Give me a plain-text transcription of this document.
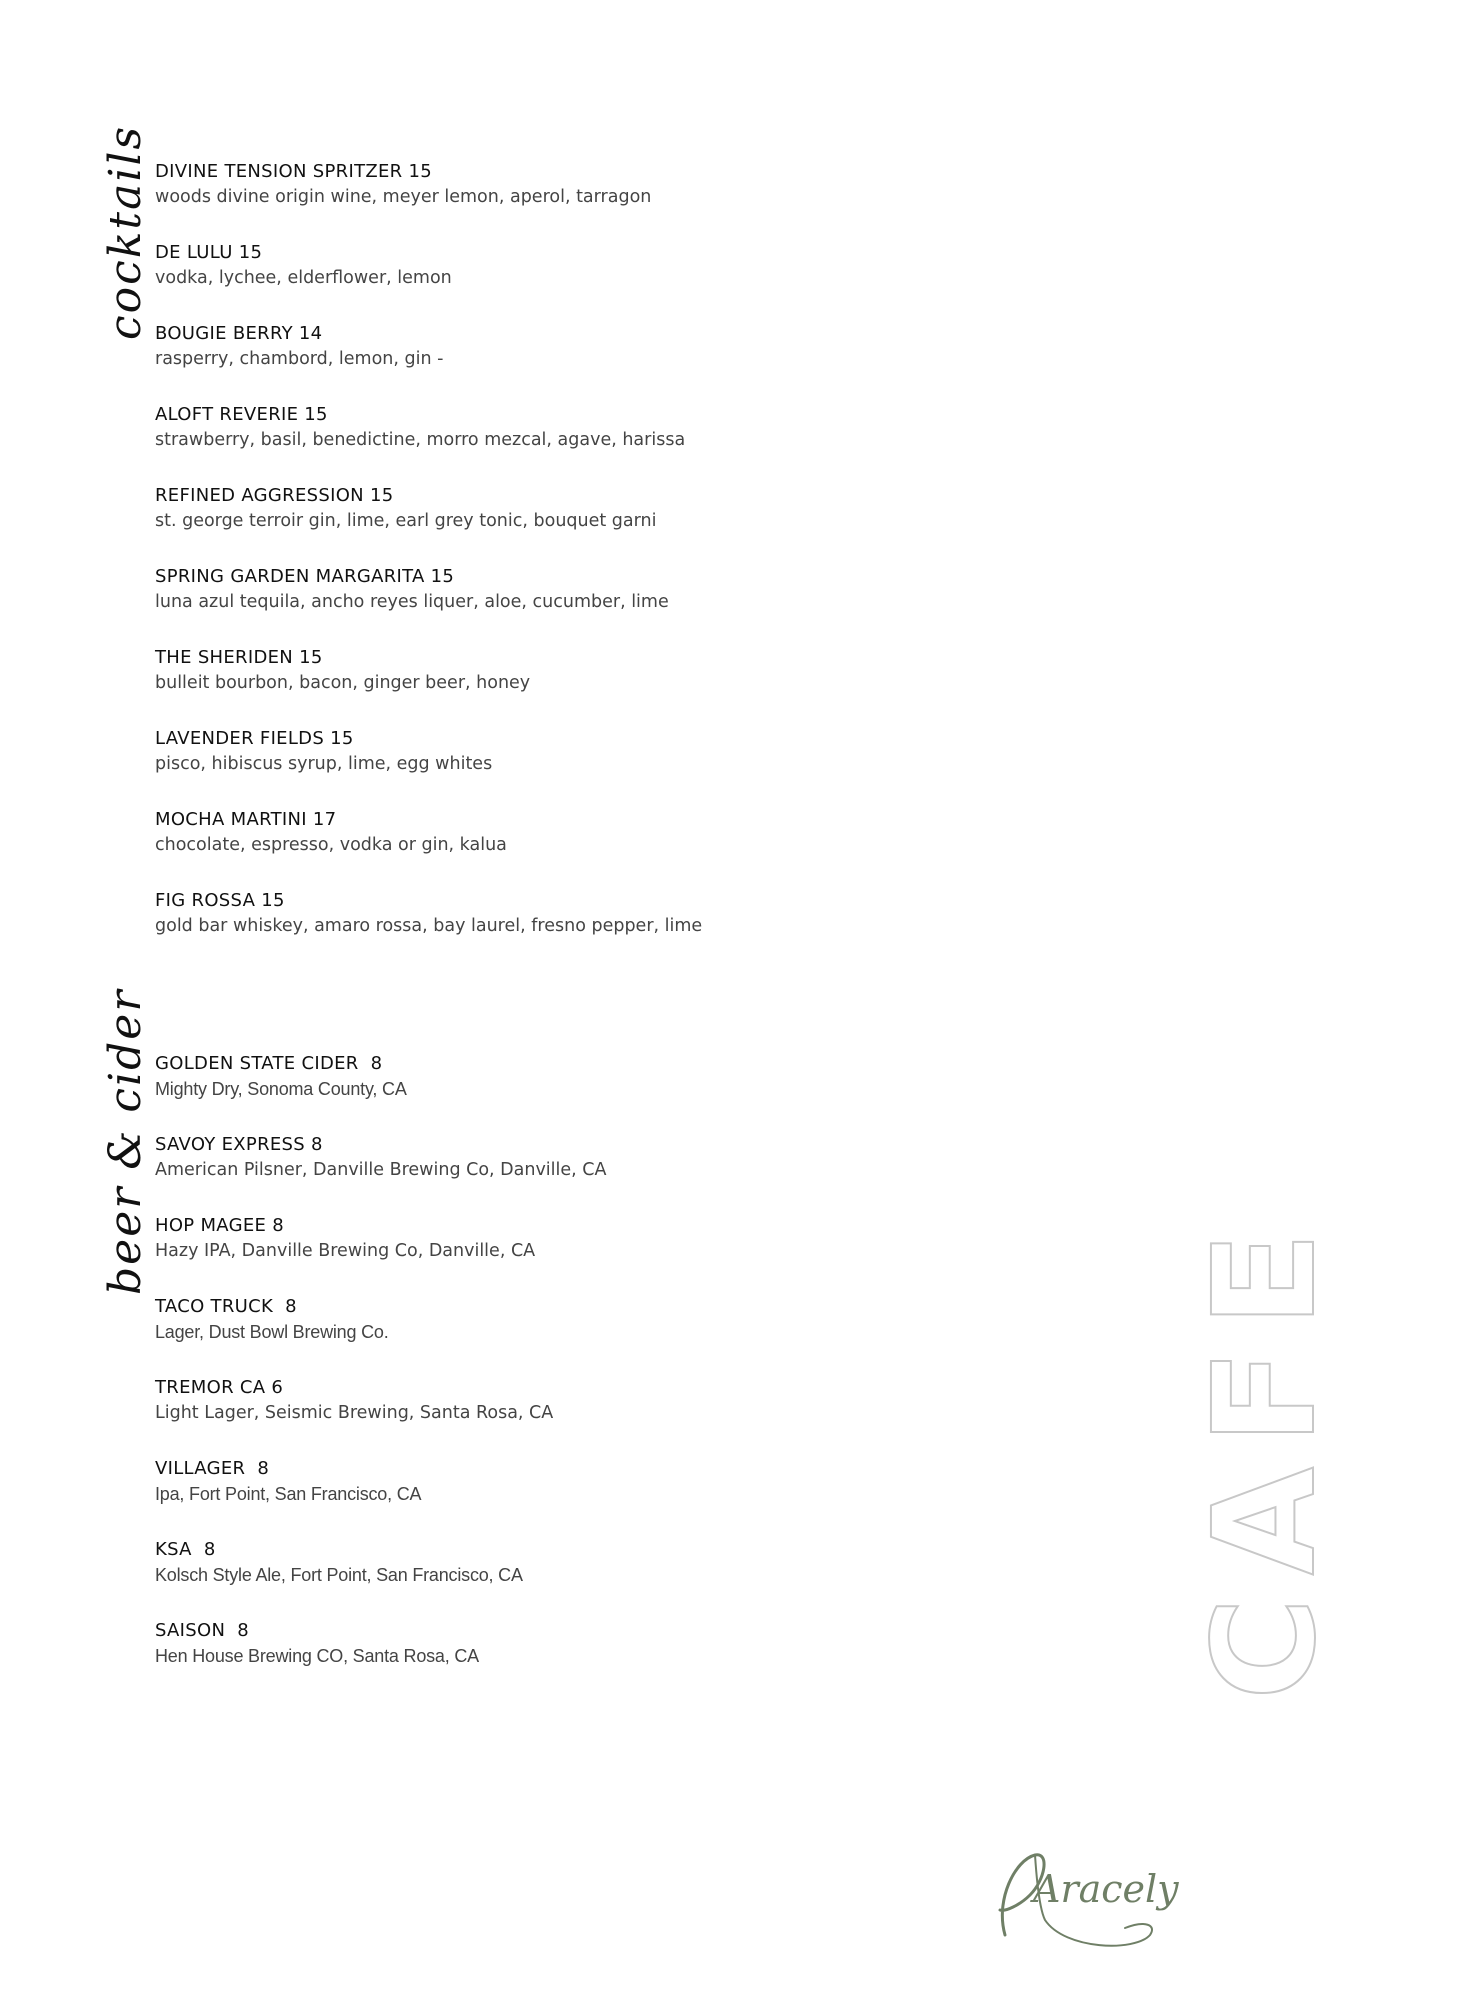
cocktails
beer & cider
DIVINE TENSION SPRITZER 15
woods divine origin wine, meyer lemon, aperol, tarragon
DE LULU 15
vodka, lychee, elderflower, lemon
BOUGIE BERRY 14
rasperry, chambord, lemon, gin -
ALOFT REVERIE 15
strawberry, basil, benedictine, morro mezcal, agave, harissa
REFINED AGGRESSION 15
st. george terroir gin, lime, earl grey tonic, bouquet garni
SPRING GARDEN MARGARITA 15
luna azul tequila, ancho reyes liquer, aloe, cucumber, lime
THE SHERIDEN 15
bulleit bourbon, bacon, ginger beer, honey
LAVENDER FIELDS 15
pisco, hibiscus syrup, lime, egg whites
MOCHA MARTINI 17
chocolate, espresso, vodka or gin, kalua
FIG ROSSA 15
gold bar whiskey, amaro rossa, bay laurel, fresno pepper, lime
GOLDEN STATE CIDER  8
Mighty Dry, Sonoma County, CA
SAVOY EXPRESS 8
American Pilsner, Danville Brewing Co, Danville, CA
HOP MAGEE 8
Hazy IPA, Danville Brewing Co, Danville, CA
TACO TRUCK  8
Lager, Dust Bowl Brewing Co.
TREMOR CA 6
Light Lager, Seismic Brewing, Santa Rosa, CA
VILLAGER  8
Ipa, Fort Point, San Francisco, CA
KSA  8
Kolsch Style Ale, Fort Point, San Francisco, CA
SAISON  8
Hen House Brewing CO, Santa Rosa, CA	CAFE
Aracely
